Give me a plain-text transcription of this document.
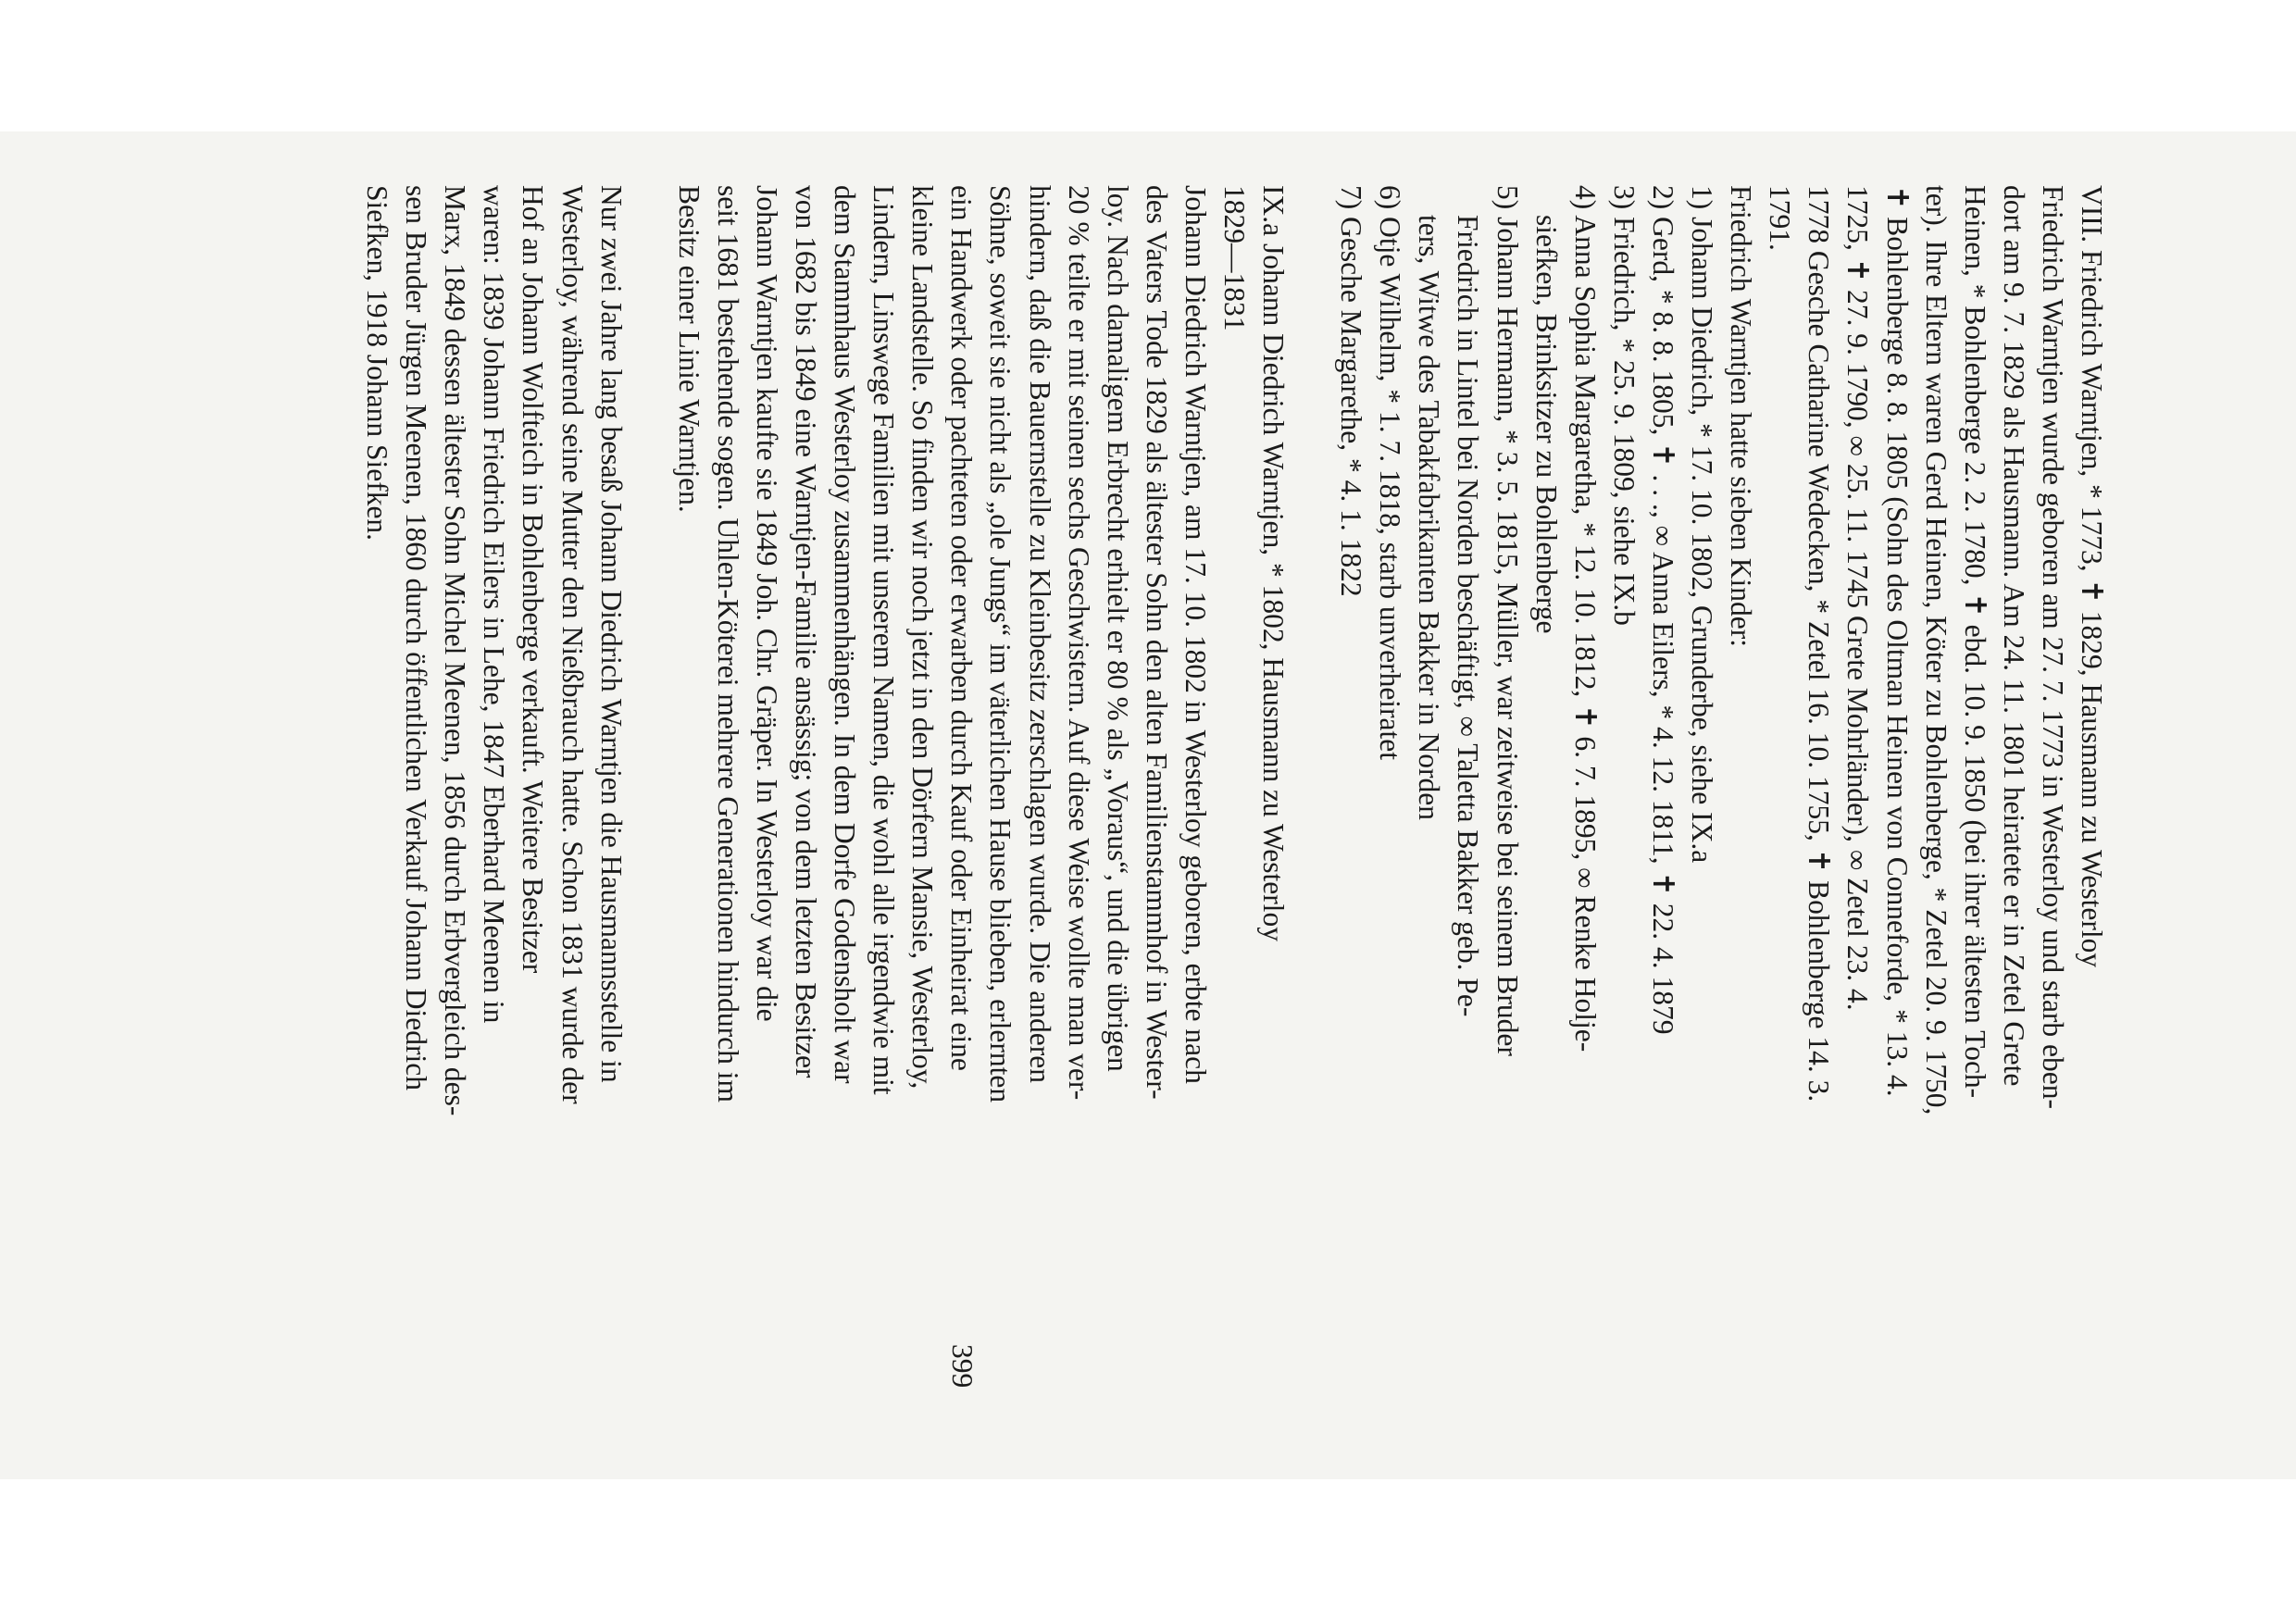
VIII. Friedrich Warntjen, * 1773, ✝ 1829, Hausmann zu Westerloy
Friedrich Warntjen wurde geboren am 27. 7. 1773 in Westerloy und starb eben-
dort am 9. 7. 1829 als Hausmann. Am 24. 11. 1801 heiratete er in Zetel Grete
Heinen, * Bohlenberge 2. 2. 1780, ✝ ebd. 10. 9. 1850 (bei ihrer ältesten Toch-
ter). Ihre Eltern waren Gerd Heinen, Köter zu Bohlenberge, * Zetel 20. 9. 1750,
✝ Bohlenberge 8. 8. 1805 (Sohn des Oltman Heinen von Conneforde, * 13. 4.
1725, ✝ 27. 9. 1790, ∞ 25. 11. 1745 Grete Mohrländer), ∞ Zetel 23. 4.
1778 Gesche Catharine Wedecken, * Zetel 16. 10. 1755, ✝ Bohlenberge 14. 3.
1791.
Friedrich Warntjen hatte sieben Kinder:
1) Johann Diedrich, * 17. 10. 1802, Grunderbe, siehe IX.a
2) Gerd, * 8. 8. 1805, ✝ . . ., ∞ Anna Eilers, * 4. 12. 1811, ✝ 22. 4. 1879
3) Friedrich, * 25. 9. 1809, siehe IX.b
4) Anna Sophia Margaretha, * 12. 10. 1812, ✝ 6. 7. 1895, ∞ Renke Holje-
siefken, Brinksitzer zu Bohlenberge
5) Johann Hermann, * 3. 5. 1815, Müller, war zeitweise bei seinem Bruder
Friedrich in Lintel bei Norden beschäftigt, ∞ Taletta Bakker geb. Pe-
ters, Witwe des Tabakfabrikanten Bakker in Norden
6) Otje Wilhelm, * 1. 7. 1818, starb unverheiratet
7) Gesche Margarethe, * 4. 1. 1822
IX.a Johann Diedrich Warntjen, * 1802, Hausmann zu Westerloy
1829—1831
Johann Diedrich Warntjen, am 17. 10. 1802 in Westerloy geboren, erbte nach
des Vaters Tode 1829 als ältester Sohn den alten Familienstammhof in Wester-
loy. Nach damaligem Erbrecht erhielt er 80 % als „Voraus“, und die übrigen
20 % teilte er mit seinen sechs Geschwistern. Auf diese Weise wollte man ver-
hindern, daß die Bauernstelle zu Kleinbesitz zerschlagen wurde. Die anderen
Söhne, soweit sie nicht als „ole Jungs“ im väterlichen Hause blieben, erlernten
ein Handwerk oder pachteten oder erwarben durch Kauf oder Einheirat eine
kleine Landstelle. So finden wir noch jetzt in den Dörfern Mansie, Westerloy,
Lindern, Linswege Familien mit unserem Namen, die wohl alle irgendwie mit
dem Stammhaus Westerloy zusammenhängen. In dem Dorfe Godensholt war
von 1682 bis 1849 eine Warntjen-Familie ansässig; von dem letzten Besitzer
Johann Warntjen kaufte sie 1849 Joh. Chr. Gräper. In Westerloy war die
seit 1681 bestehende sogen. Uhlen-Köterei mehrere Generationen hindurch im
Besitz einer Linie Warntjen.
Nur zwei Jahre lang besaß Johann Diedrich Warntjen die Hausmannsstelle in
Westerloy, während seine Mutter den Nießbrauch hatte. Schon 1831 wurde der
Hof an Johann Wolfteich in Bohlenberge verkauft. Weitere Besitzer
waren: 1839 Johann Friedrich Eilers in Lehe, 1847 Eberhard Meenen in
Marx, 1849 dessen ältester Sohn Michel Meenen, 1856 durch Erbvergleich des-
sen Bruder Jürgen Meenen, 1860 durch öffentlichen Verkauf Johann Diedrich
Siefken, 1918 Johann Siefken.
399
